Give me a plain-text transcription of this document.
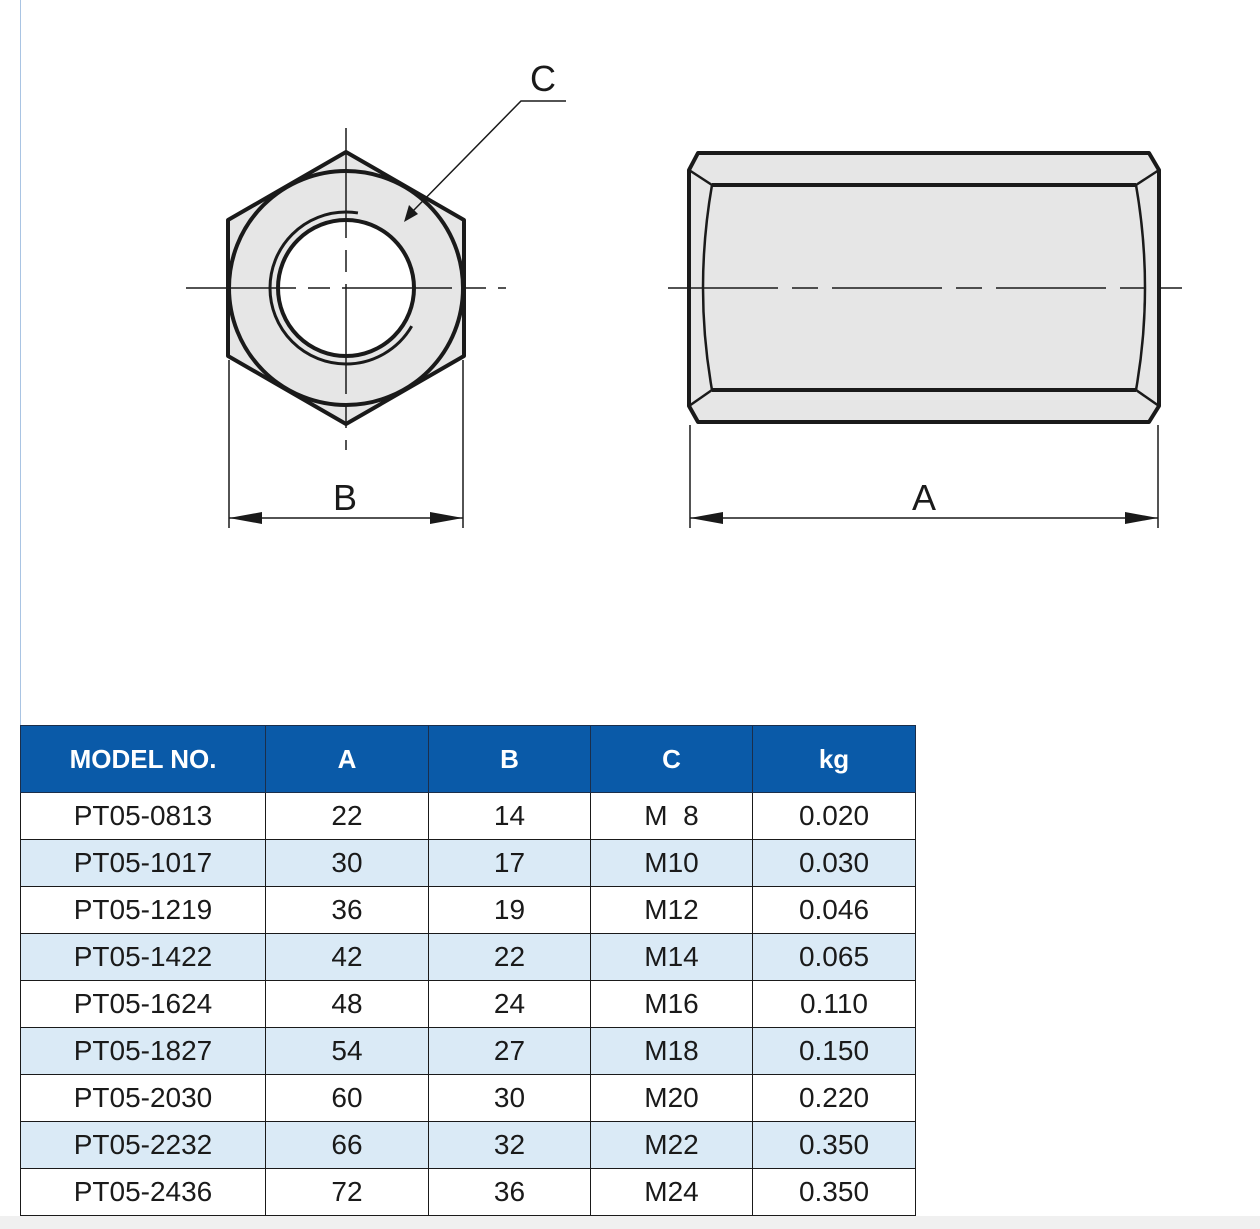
C
B	A
MODEL NO.	A	B	C	kg
PT05-0813	22	14	M  8	0.020
PT05-1017	30	17	M10	0.030
PT05-1219	36	19	M12	0.046
PT05-1422	42	22	M14	0.065
PT05-1624	48	24	M16	0.110
PT05-1827	54	27	M18	0.150
PT05-2030	60	30	M20	0.220
PT05-2232	66	32	M22	0.350
PT05-2436	72	36	M24	0.350
